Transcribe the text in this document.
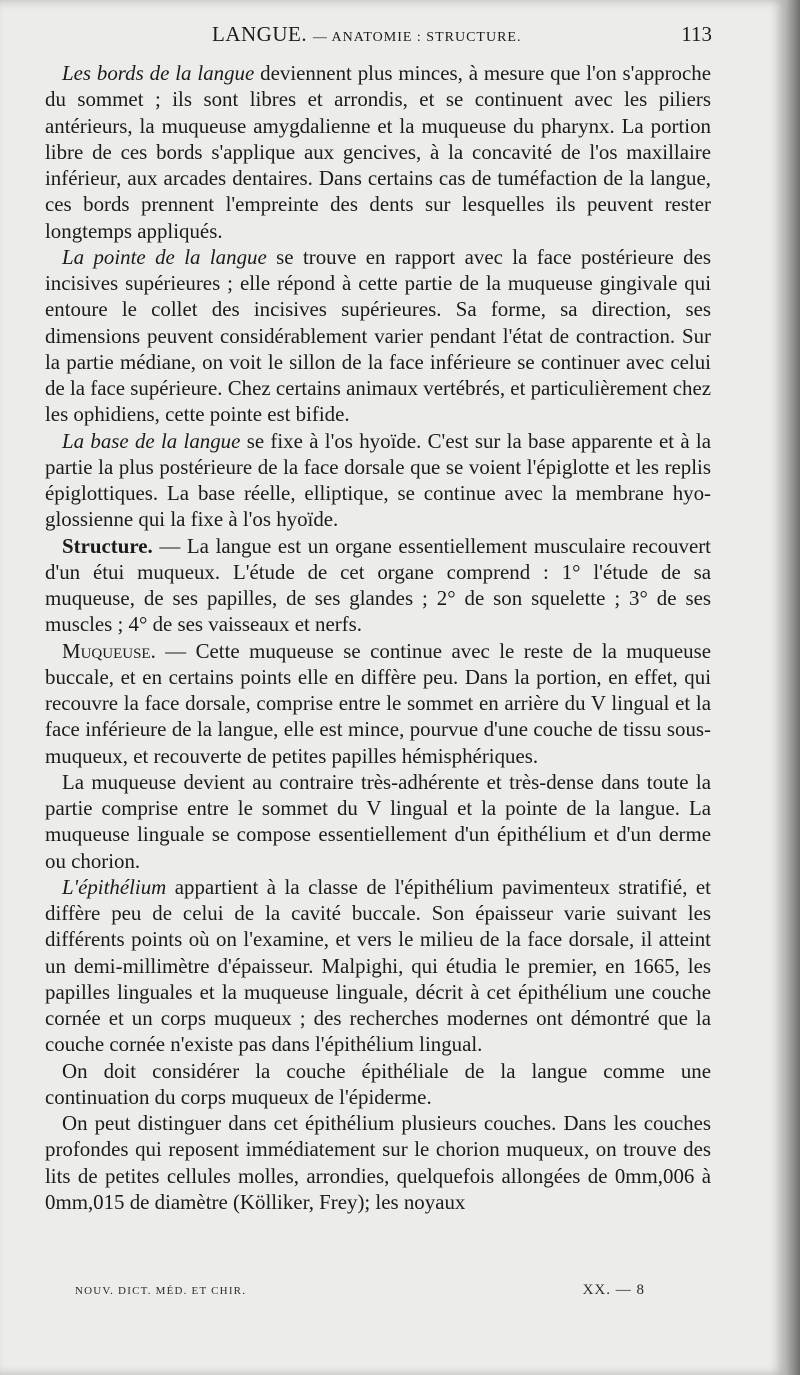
LANGUE. — ANATOMIE : STRUCTURE.	113

Les bords de la langue deviennent plus minces, à mesure que l'on s'approche du sommet ; ils sont libres et arrondis, et se continuent avec les piliers antérieurs, la muqueuse amygdalienne et la muqueuse du pharynx. La portion libre de ces bords s'applique aux gencives, à la concavité de l'os maxillaire inférieur, aux arcades dentaires. Dans certains cas de tuméfaction de la langue, ces bords prennent l'empreinte des dents sur lesquelles ils peuvent rester longtemps appliqués.

La pointe de la langue se trouve en rapport avec la face postérieure des incisives supérieures ; elle répond à cette partie de la muqueuse gingivale qui entoure le collet des incisives supérieures. Sa forme, sa direction, ses dimensions peuvent considérablement varier pendant l'état de contraction. Sur la partie médiane, on voit le sillon de la face inférieure se continuer avec celui de la face supérieure. Chez certains animaux vertébrés, et particulièrement chez les ophidiens, cette pointe est bifide.

La base de la langue se fixe à l'os hyoïde. C'est sur la base apparente et à la partie la plus postérieure de la face dorsale que se voient l'épiglotte et les replis épiglottiques. La base réelle, elliptique, se continue avec la membrane hyo-glossienne qui la fixe à l'os hyoïde.

Structure. — La langue est un organe essentiellement musculaire recouvert d'un étui muqueux. L'étude de cet organe comprend : 1° l'étude de sa muqueuse, de ses papilles, de ses glandes ; 2° de son squelette ; 3° de ses muscles ; 4° de ses vaisseaux et nerfs.

Muqueuse. — Cette muqueuse se continue avec le reste de la muqueuse buccale, et en certains points elle en diffère peu. Dans la portion, en effet, qui recouvre la face dorsale, comprise entre le sommet en arrière du V lingual et la face inférieure de la langue, elle est mince, pourvue d'une couche de tissu sous-muqueux, et recouverte de petites papilles hémisphériques.

La muqueuse devient au contraire très-adhérente et très-dense dans toute la partie comprise entre le sommet du V lingual et la pointe de la langue. La muqueuse linguale se compose essentiellement d'un épithélium et d'un derme ou chorion.

L'épithélium appartient à la classe de l'épithélium pavimenteux stratifié, et diffère peu de celui de la cavité buccale. Son épaisseur varie suivant les différents points où on l'examine, et vers le milieu de la face dorsale, il atteint un demi-millimètre d'épaisseur. Malpighi, qui étudia le premier, en 1665, les papilles linguales et la muqueuse linguale, décrit à cet épithélium une couche cornée et un corps muqueux ; des recherches modernes ont démontré que la couche cornée n'existe pas dans l'épithélium lingual.

On doit considérer la couche épithéliale de la langue comme une continuation du corps muqueux de l'épiderme.

On peut distinguer dans cet épithélium plusieurs couches. Dans les couches profondes qui reposent immédiatement sur le chorion muqueux, on trouve des lits de petites cellules molles, arrondies, quelquefois allongées de 0mm,006 à 0mm,015 de diamètre (Kölliker, Frey); les noyaux

NOUV. DICT. MÉD. ET CHIR.	XX. — 8
